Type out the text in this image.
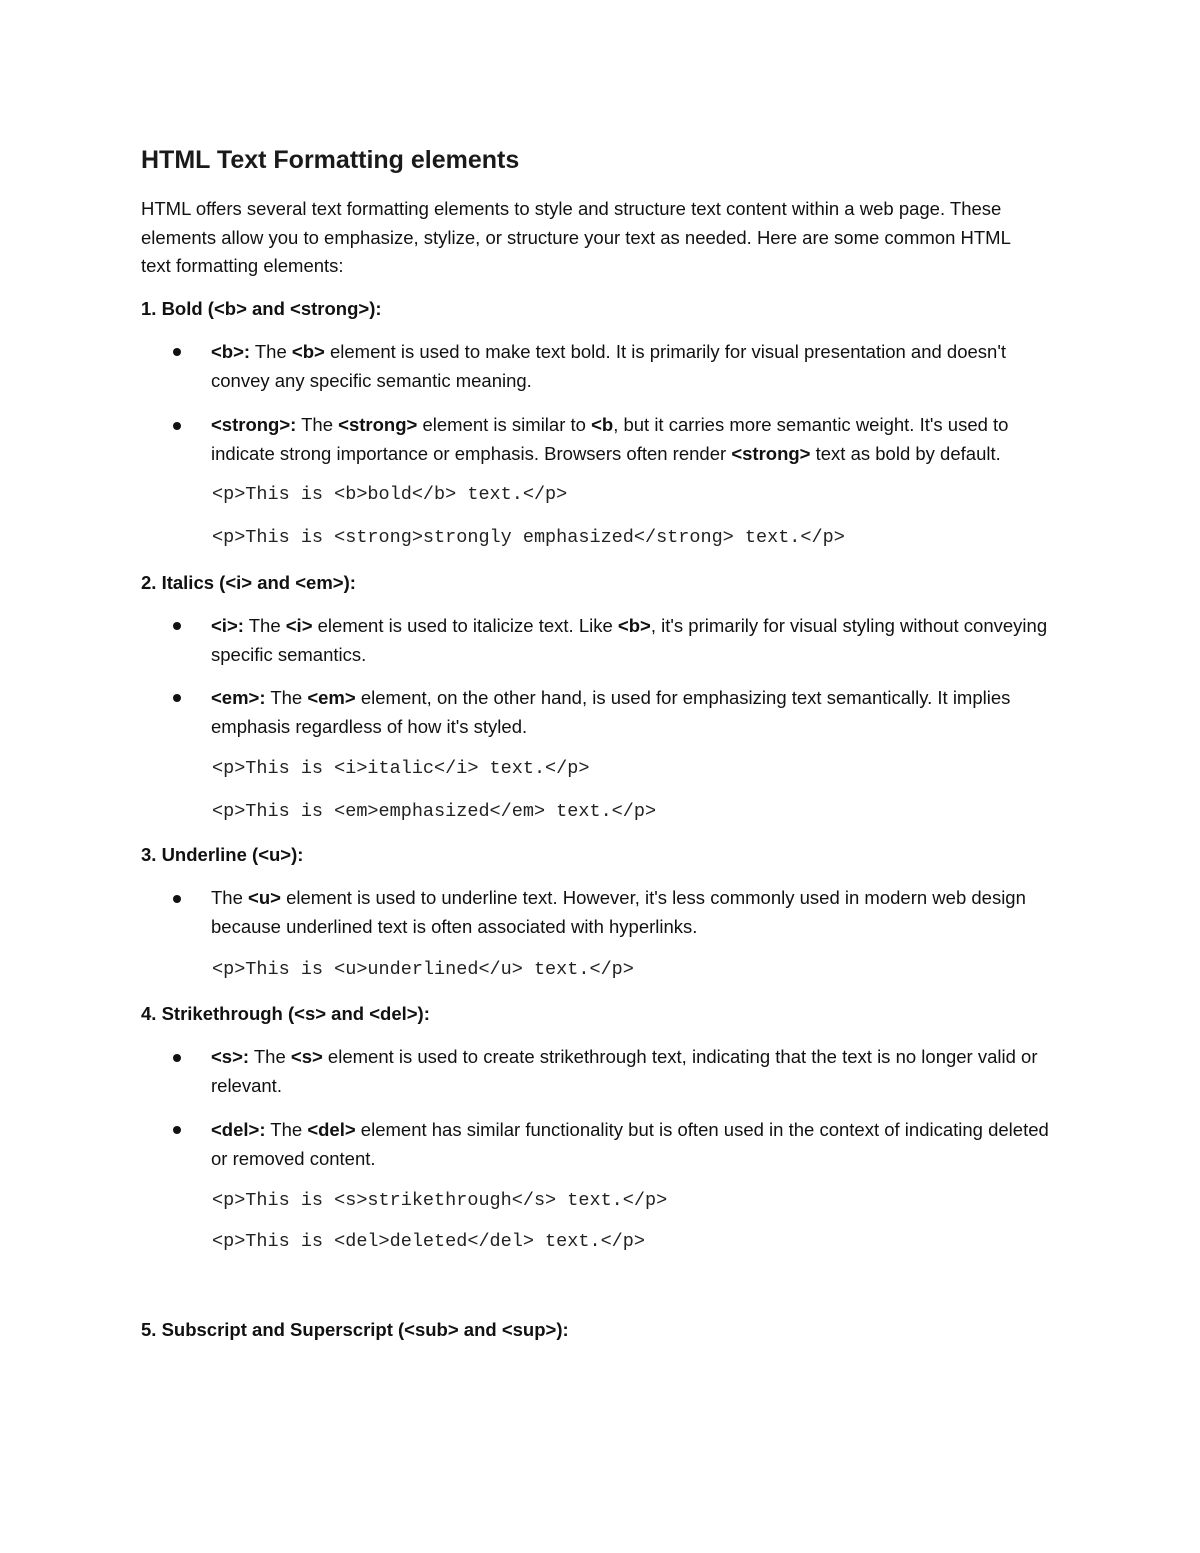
HTML Text Formatting elements

HTML offers several text formatting elements to style and structure text content within a web page. These elements allow you to emphasize, stylize, or structure your text as needed. Here are some common HTML text formatting elements:

1. Bold (<b> and <strong>):

<b>: The <b> element is used to make text bold. It is primarily for visual presentation and doesn't convey any specific semantic meaning.

<strong>: The <strong> element is similar to <b, but it carries more semantic weight. It's used to indicate strong importance or emphasis. Browsers often render <strong> text as bold by default.

<p>This is <b>bold</b> text.</p>
<p>This is <strong>strongly emphasized</strong> text.</p>
2. Italics (<i> and <em>):

<i>: The <i> element is used to italicize text. Like <b>, it's primarily for visual styling without conveying specific semantics.

<em>: The <em> element, on the other hand, is used for emphasizing text semantically. It implies emphasis regardless of how it's styled.

<p>This is <i>italic</i> text.</p>
<p>This is <em>emphasized</em> text.</p>
3. Underline (<u>):

The <u> element is used to underline text. However, it's less commonly used in modern web design because underlined text is often associated with hyperlinks.

<p>This is <u>underlined</u> text.</p>
4. Strikethrough (<s> and <del>):

<s>: The <s> element is used to create strikethrough text, indicating that the text is no longer valid or relevant.

<del>: The <del> element has similar functionality but is often used in the context of indicating deleted or removed content.

<p>This is <s>strikethrough</s> text.</p>
<p>This is <del>deleted</del> text.</p>
5. Subscript and Superscript (<sub> and <sup>):
